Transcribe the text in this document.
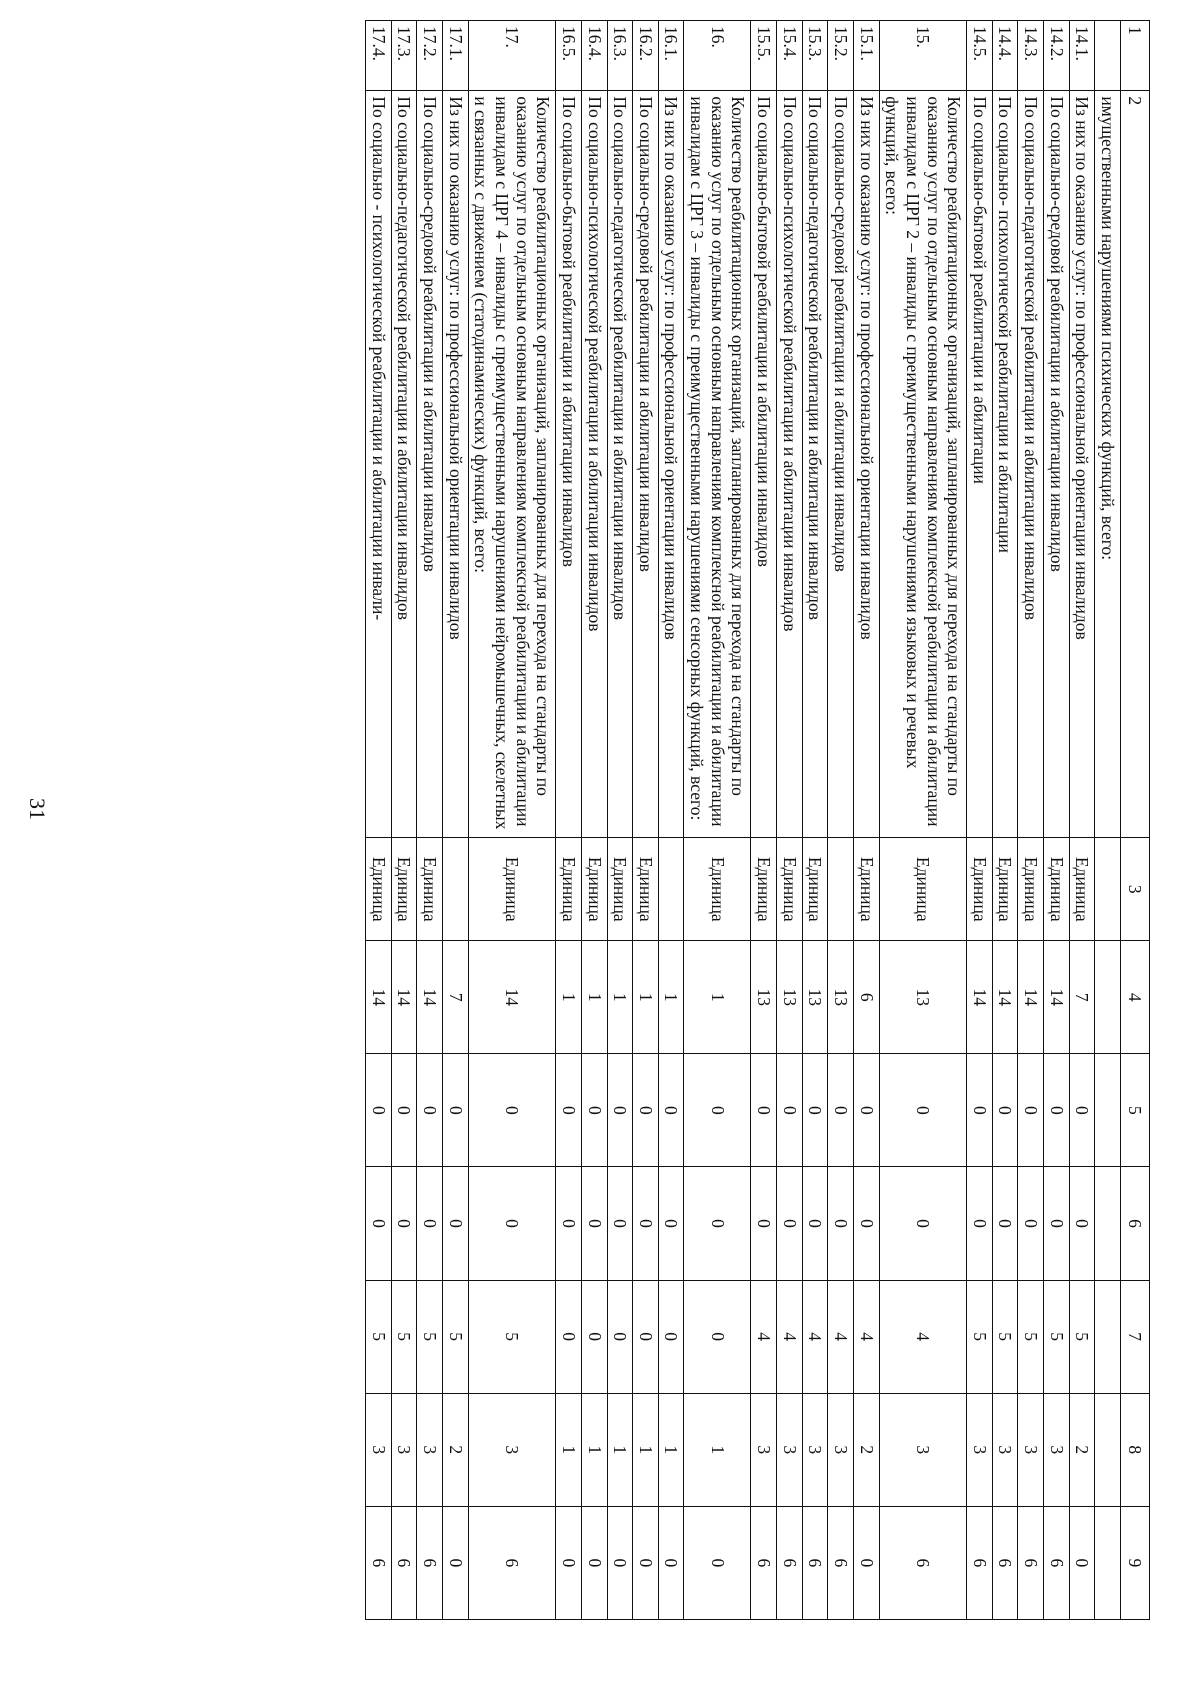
31
1	2	3	4	5	6	7	8	9
	имущественными нарушениями психических функций, всего:							
14.1.	Из них по оказанию услуг: по профессиональной ориентации инвалидов	Единица	7	0	0	5	2	0
14.2.	По социально-средовой реабилитации и абилитации инвалидов	Единица	14	0	0	5	3	6
14.3.	По социально-педагогической реабилитации и абилитации инвалидов	Единица	14	0	0	5	3	6
14.4.	По социально- психологической реабилитации и абилитации	Единица	14	0	0	5	3	6
14.5.	По социально-бытовой реабилитации и абилитации	Единица	14	0	0	5	3	6
15.	Количество реабилитационных организаций, запланированных для перехода на стандарты по оказанию услуг по отдельным основным направлениям комплексной реабилитации и абилитации инвалидам с ЦРГ 2 – инвалиды с преимущественными нарушениями языковых и речевых функций, всего:	Единица	13	0	0	4	3	6
15.1.	Из них по оказанию услуг: по профессиональной ориентации инвалидов	Единица	6	0	0	4	2	0
15.2.	По социально-средовой реабилитации и абилитации инвалидов		13	0	0	4	3	6
15.3.	По социально-педагогической реабилитации и абилитации инвалидов	Единица	13	0	0	4	3	6
15.4.	По социально-психологической реабилитации и абилитации инвалидов	Единица	13	0	0	4	3	6
15.5.	По социально-бытовой реабилитации и абилитации инвалидов	Единица	13	0	0	4	3	6
16.	Количество реабилитационных организаций, запланированных для перехода на стандарты по оказанию услуг по отдельным основным направлениям комплексной реабилитации и абилитации инвалидам с ЦРГ 3 – инвалиды с преимущественными нарушениями сенсорных функций, всего:	Единица	1	0	0	0	1	0
16.1.	Из них по оказанию услуг: по профессиональной ориентации инвалидов		1	0	0	0	1	0
16.2.	По социально-средовой реабилитации и абилитации инвалидов	Единица	1	0	0	0	1	0
16.3.	По социально-педагогической реабилитации и абилитации инвалидов	Единица	1	0	0	0	1	0
16.4.	По социально-психологической реабилитации и абилитации инвалидов	Единица	1	0	0	0	1	0
16.5.	По социально-бытовой реабилитации и абилитации инвалидов	Единица	1	0	0	0	1	0
17.	Количество реабилитационных организаций, запланированных для перехода на стандарты по оказанию услуг по отдельным основным направлениям комплексной реабилитации и абилитации инвалидам с ЦРГ 4 – инвалиды с преимущественными нарушениями нейромышечных, скелетных и связанных с движением (статодинамических) функций, всего:	Единица	14	0	0	5	3	6
17.1.	Из них по оказанию услуг: по профессиональной ориентации инвалидов		7	0	0	5	2	0
17.2.	По социально-средовой реабилитации и абилитации инвалидов	Единица	14	0	0	5	3	6
17.3.	По социально-педагогической реабилитации и абилитации инвалидов	Единица	14	0	0	5	3	6
17.4.	По социально - психологической реабилитации и абилитации инвали-	Единица	14	0	0	5	3	6
